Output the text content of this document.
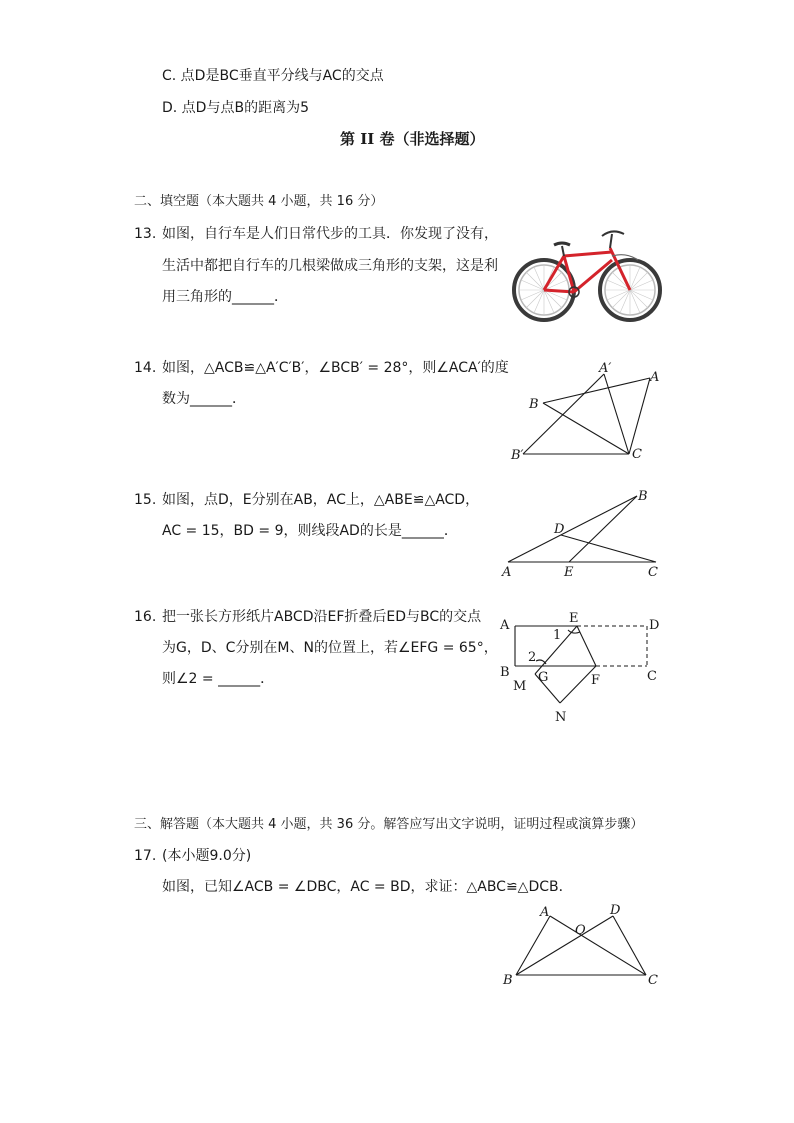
C. 点D是BC垂直平分线与AC的交点
D. 点D与点B的距离为5
第 II 卷（非选择题）
二、填空题（本大题共 4 小题，共 16 分）
13. 如图，自行车是人们日常代步的工具．你发现了没有，
生活中都把自行车的几根梁做成三角形的支架，这是利
用三角形的______．
14. 如图，△ACB≌△A′C′B′，∠BCB′ = 28°，则∠ACA′的度
数为______．
A′
A
B
B′	C
15. 如图，点D，E分别在AB，AC上，△ABE≌△ACD，
AC = 15，BD = 9，则线段AD的长是______．
B
D
A	E	C
16. 把一张长方形纸片ABCD沿EF折叠后ED与BC的交点
为G，D、C分别在M、N的位置上，若∠EFG = 65°，
则∠2 = ______．
A	E	D
1
2
B G	F	C
M
N
三、解答题（本大题共 4 小题，共 36 分。解答应写出文字说明，证明过程或演算步骤）
17. (本小题9.0分)
如图，已知∠ACB = ∠DBC，AC = BD，求证：△ABC≌△DCB．
A
O
D
B	C
